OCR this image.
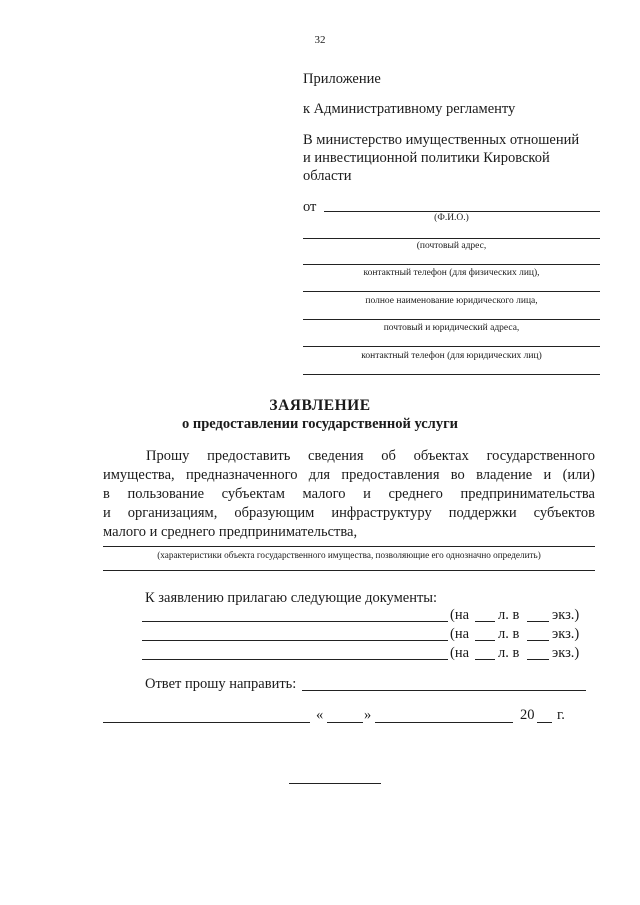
32
Приложение
к Административному регламенту
В министерство имущественных отношений
и инвестиционной политики Кировской
области
от
(Ф.И.О.)
(почтовый адрес,
контактный телефон (для физических лиц),
полное наименование юридического лица,
почтовый и юридический адреса,
контактный телефон (для юридических лиц)
ЗАЯВЛЕНИЕ
о предоставлении государственной услуги
Прошу предоставить сведения об объектах государственного
имущества, предназначенного для предоставления во владение и (или)
в пользование субъектам малого и среднего предпринимательства
и организациям, образующим инфраструктуру поддержки субъектов
малого и среднего предпринимательства,
(характеристики объекта государственного имущества, позволяющие его однозначно определить)
К заявлению прилагаю следующие документы:
(на л. в экз.)
(на л. в экз.)
(на л. в экз.)
Ответ прошу направить:
«	»	20 г.
